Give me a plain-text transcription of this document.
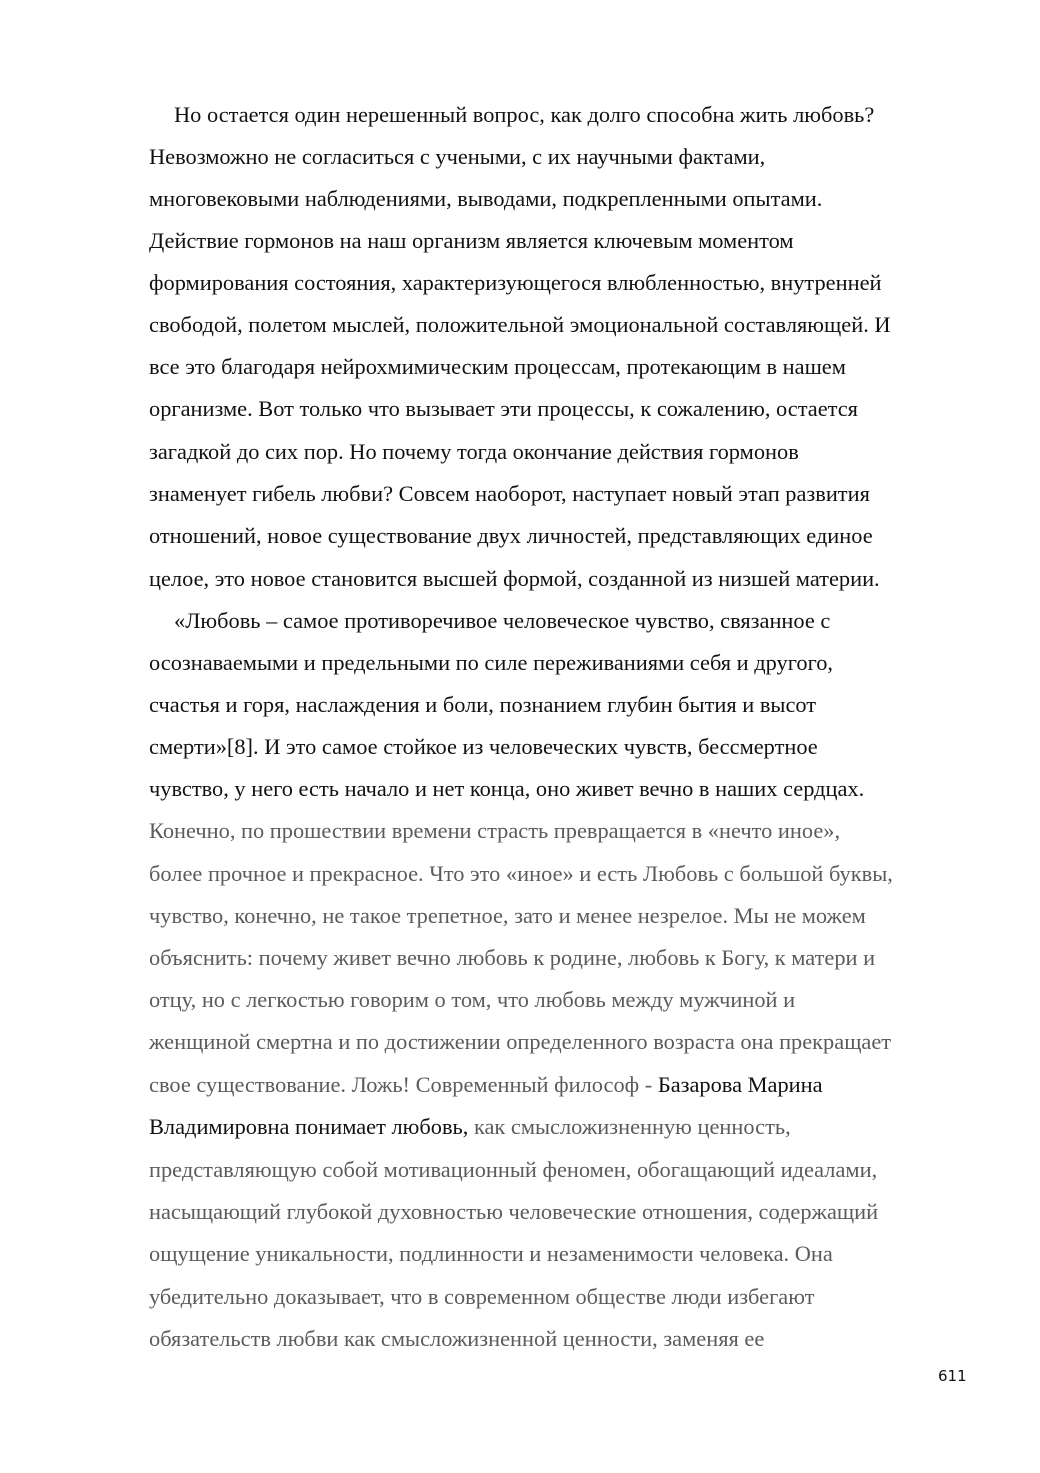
Но остается один нерешенный вопрос, как долго способна жить любовь?
Невозможно не согласиться с учеными, с их научными фактами,
многовековыми наблюдениями, выводами, подкрепленными опытами.
Действие гормонов на наш организм является ключевым моментом
формирования состояния, характеризующегося влюбленностью, внутренней
свободой, полетом мыслей, положительной эмоциональной составляющей. И
все это благодаря нейрохмимическим процессам, протекающим в нашем
организме. Вот только что вызывает эти процессы, к сожалению, остается
загадкой до сих пор. Но почему тогда окончание действия гормонов
знаменует гибель любви? Совсем наоборот, наступает новый этап развития
отношений, новое существование двух личностей, представляющих единое
целое, это новое становится высшей формой, созданной из низшей материи.
«Любовь – самое противоречивое человеческое чувство, связанное с
осознаваемыми и предельными по силе переживаниями себя и другого,
счастья и горя, наслаждения и боли, познанием глубин бытия и высот
смерти»[8]. И это самое стойкое из человеческих чувств, бессмертное
чувство, у него есть начало и нет конца, оно живет вечно в наших сердцах.
Конечно, по прошествии времени страсть превращается в «нечто иное»,
более прочное и прекрасное. Что это «иное» и есть Любовь с большой буквы,
чувство, конечно, не такое трепетное, зато и менее незрелое. Мы не можем
объяснить: почему живет вечно любовь к родине, любовь к Богу, к матери и
отцу, но с легкостью говорим о том, что любовь между мужчиной и
женщиной смертна и по достижении определенного возраста она прекращает
свое существование. Ложь! Современный философ - Базарова Марина
Владимировна понимает любовь, как смысложизненную ценность,
представляющую собой мотивационный феномен, обогащающий идеалами,
насыщающий глубокой духовностью человеческие отношения, содержащий
ощущение уникальности, подлинности и незаменимости человека. Она
убедительно доказывает, что в современном обществе люди избегают
обязательств любви как смысложизненной ценности, заменяя ее
611
